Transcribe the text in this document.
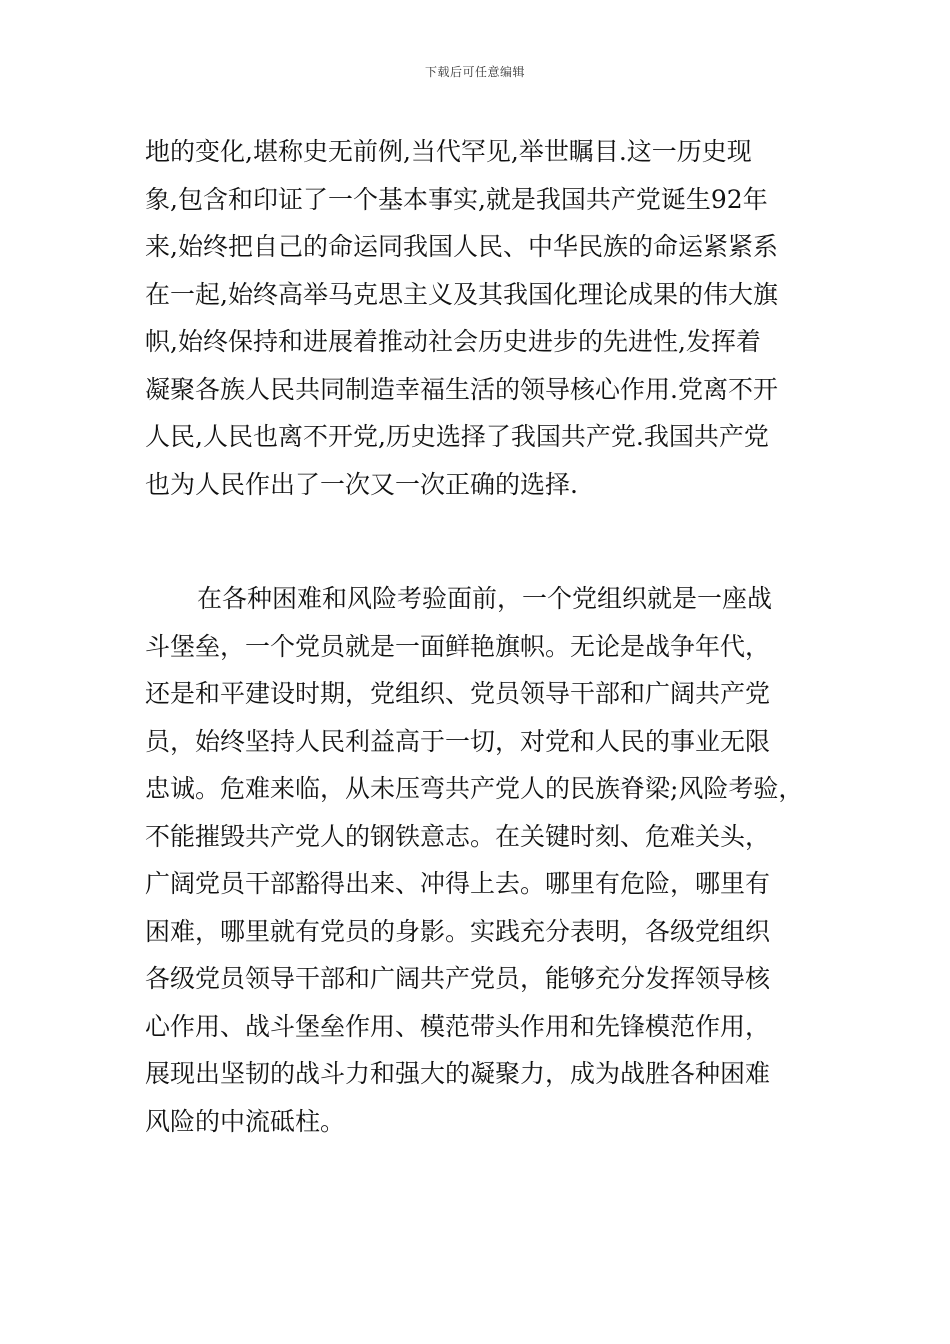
下载后可任意编辑
地的变化,堪称史无前例,当代罕见,举世瞩目.这一历史现
象,包含和印证了一个基本事实,就是我国共产党诞生92年
来,始终把自己的命运同我国人民、中华民族的命运紧紧系
在一起,始终高举马克思主义及其我国化理论成果的伟大旗
帜,始终保持和进展着推动社会历史进步的先进性,发挥着
凝聚各族人民共同制造幸福生活的领导核心作用.党离不开
人民,人民也离不开党,历史选择了我国共产党.我国共产党
也为人民作出了一次又一次正确的选择.
在各种困难和风险考验面前，一个党组织就是一座战
斗堡垒，一个党员就是一面鲜艳旗帜。无论是战争年代，
还是和平建设时期，党组织、党员领导干部和广阔共产党
员，始终坚持人民利益高于一切，对党和人民的事业无限
忠诚。危难来临，从未压弯共产党人的民族脊梁;风险考验，
不能摧毁共产党人的钢铁意志。在关键时刻、危难关头，
广阔党员干部豁得出来、冲得上去。哪里有危险，哪里有
困难，哪里就有党员的身影。实践充分表明，各级党组织
各级党员领导干部和广阔共产党员，能够充分发挥领导核
心作用、战斗堡垒作用、模范带头作用和先锋模范作用，
展现出坚韧的战斗力和强大的凝聚力，成为战胜各种困难
风险的中流砥柱。
